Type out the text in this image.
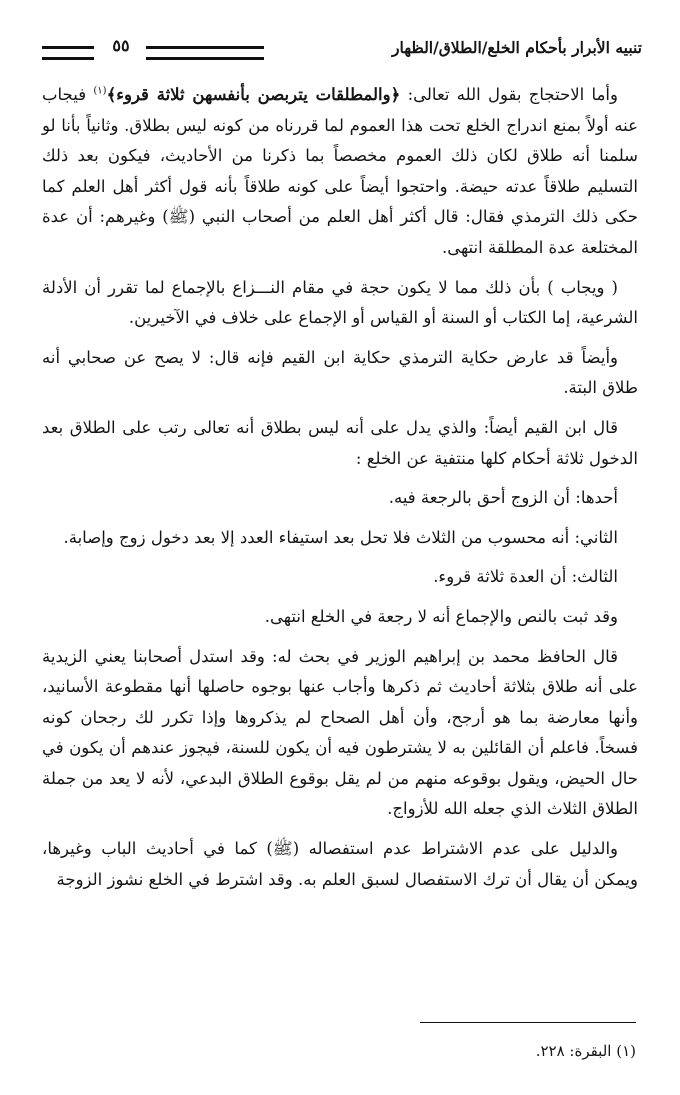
٥٥	تنبيه الأبرار بأحكام الخلع/الطلاق/الظهار

وأما الاحتجاج بقول الله تعالى: ﴿والمطلقات يتربصن بأنفسهن ثلاثة قروء﴾$^{(١)}$ فيجاب عنه أولاً بمنع اندراج الخلع تحت هذا العموم لما قررناه من كونه ليس بطلاق. وثانياً بأنا لو سلمنا أنه طلاق لكان ذلك العموم مخصصاً بما ذكرنا من الأحاديث، فيكون بعد ذلك التسليم طلاقاً عدته حيضة. واحتجوا أيضاً على كونه طلاقاً بأنه قول أكثر أهل العلم كما حكى ذلك الترمذي فقال: قال أكثر أهل العلم من أصحاب النبي (ﷺ) وغيرهم: أن عدة المختلعة عدة المطلقة انتهى.

( ويجاب ) بأن ذلك مما لا يكون حجة في مقام النـــزاع بالإجماع لما تقرر أن الأدلة الشرعية، إما الكتاب أو السنة أو القياس أو الإجماع على خلاف في الآخيرين.

وأيضاً قد عارض حكاية الترمذي حكاية ابن القيم فإنه قال: لا يصح عن صحابي أنه طلاق البتة.

قال ابن القيم أيضاً: والذي يدل على أنه ليس بطلاق أنه تعالى رتب على الطلاق بعد الدخول ثلاثة أحكام كلها منتفية عن الخلع :

أحدها: أن الزوج أحق بالرجعة فيه.

الثاني: أنه محسوب من الثلاث فلا تحل بعد استيفاء العدد إلا بعد دخول زوج وإصابة.

الثالث: أن العدة ثلاثة قروء.

وقد ثبت بالنص والإجماع أنه لا رجعة في الخلع انتهى.

قال الحافظ محمد بن إبراهيم الوزير في بحث له: وقد استدل أصحابنا يعني الزيدية على أنه طلاق بثلاثة أحاديث ثم ذكرها وأجاب عنها بوجوه حاصلها أنها مقطوعة الأسانيد، وأنها معارضة بما هو أرجح، وأن أهل الصحاح لم يذكروها وإذا تكرر لك رجحان كونه فسخاً. فاعلم أن القائلين به لا يشترطون فيه أن يكون للسنة، فيجوز عندهم أن يكون في حال الحيض، ويقول بوقوعه منهم من لم يقل بوقوع الطلاق البدعي، لأنه لا يعد من جملة الطلاق الثلاث الذي جعله الله للأزواج.

والدليل على عدم الاشتراط عدم استفصاله (ﷺ) كما في أحاديث الباب وغيرها، ويمكن أن يقال أن ترك الاستفصال لسبق العلم به. وقد اشترط في الخلع نشوز الزوجة

(١) البقرة: ٢٢٨.
